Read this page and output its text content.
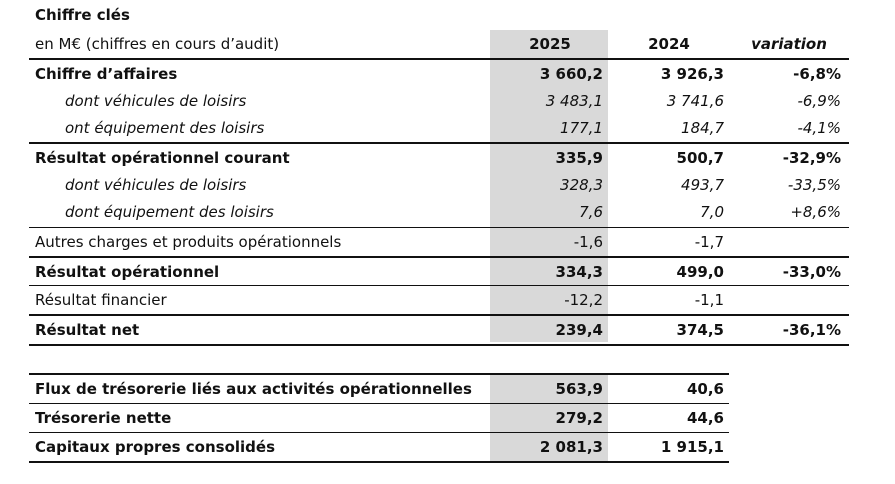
Chiffre clés
en M€ (chiffres en cours d’audit)	2025	2024	variation
Chiffre d’affaires	3 660,2	3 926,3	-6,8%
dont véhicules de loisirs	3 483,1	3 741,6	-6,9%
ont équipement des loisirs	177,1	184,7	-4,1%
Résultat opérationnel courant	335,9	500,7	-32,9%
dont véhicules de loisirs	328,3	493,7	-33,5%
dont équipement des loisirs	7,6	7,0	+8,6%
Autres charges et produits opérationnels	-1,6	-1,7
Résultat opérationnel	334,3	499,0	-33,0%
Résultat financier	-12,2	-1,1
Résultat net	239,4	374,5	-36,1%
Flux de trésorerie liés aux activités opérationnelles	563,9	40,6
Trésorerie nette	279,2	44,6
Capitaux propres consolidés	2 081,3	1 915,1
